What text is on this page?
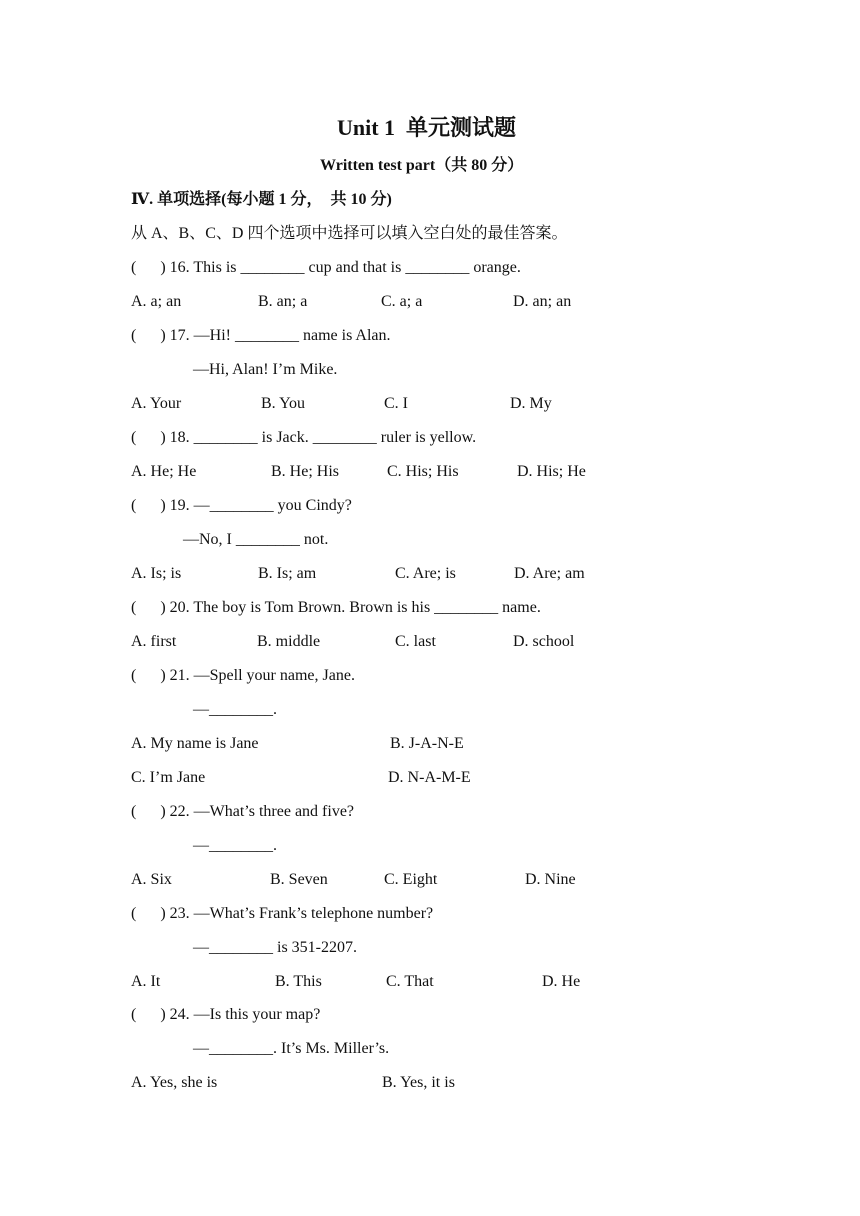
Unit 1  单元测试题
Written test part（共 80 分）
Ⅳ. 单项选择(每小题 1 分，  共 10 分)
从 A、B、C、D 四个选项中选择可以填入空白处的最佳答案。
(      ) 16. This is ________ cup and that is ________ orange.
A. a; an	B. an; a	C. a; a	D. an; an
(      ) 17. —Hi! ________ name is Alan.
—Hi, Alan! I’m Mike.
A. Your	B. You	C. I	D. My
(      ) 18. ________ is Jack. ________ ruler is yellow.
A. He; He	B. He; His	C. His; His	D. His; He
(      ) 19. —________ you Cindy?
—No, I ________ not.
A. Is; is	B. Is; am	C. Are; is	D. Are; am
(      ) 20. The boy is Tom Brown. Brown is his ________ name.
A. first	B. middle	C. last	D. school
(      ) 21. —Spell your name, Jane.
—________.
A. My name is Jane	B. J-A-N-E
C. I’m Jane	D. N-A-M-E
(      ) 22. —What’s three and five?
—________.
A. Six	B. Seven	C. Eight	D. Nine
(      ) 23. —What’s Frank’s telephone number?
—________ is 351-2207.
A. It	B. This	C. That	D. He
(      ) 24. —Is this your map?
—________. It’s Ms. Miller’s.
A. Yes, she is	B. Yes, it is
